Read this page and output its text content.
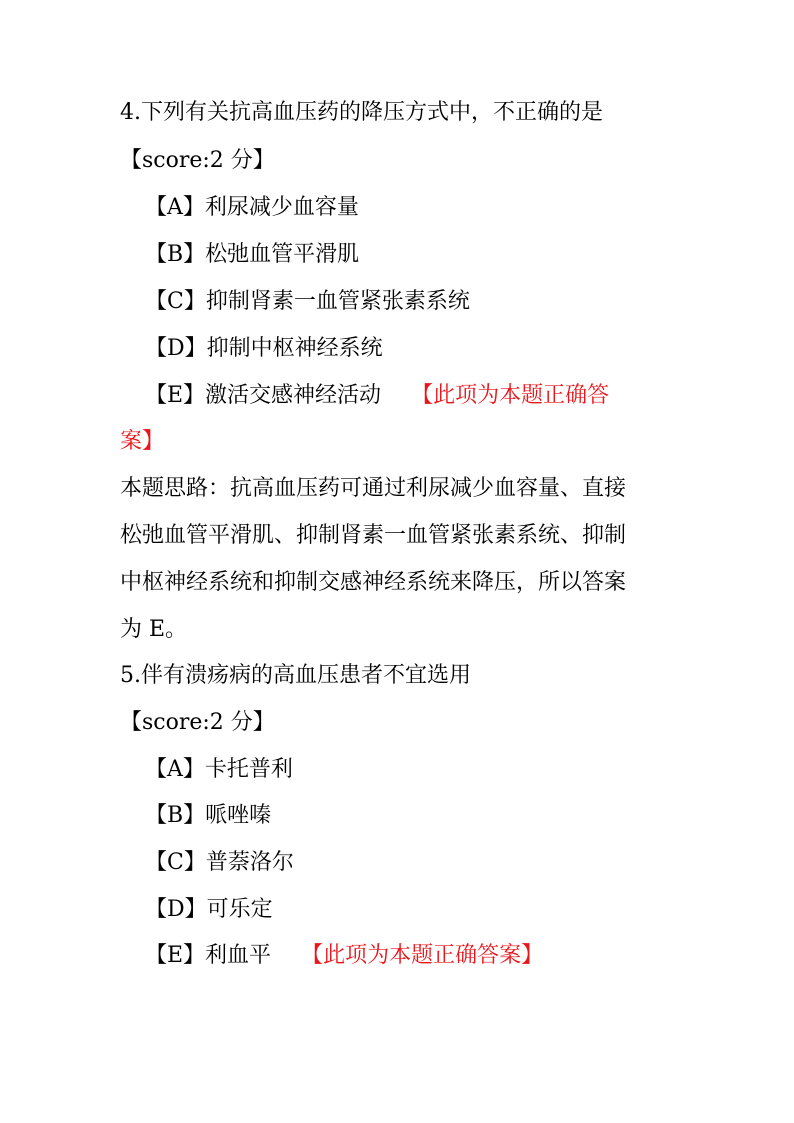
4.下列有关抗高血压药的降压方式中，不正确的是
【score:2 分】
【A】利尿减少血容量
【B】松弛血管平滑肌
【C】抑制肾素一血管紧张素系统
【D】抑制中枢神经系统
【E】激活交感神经活动 【此项为本题正确答
案】
本题思路：抗高血压药可通过利尿减少血容量、直接
松弛血管平滑肌、抑制肾素一血管紧张素系统、抑制
中枢神经系统和抑制交感神经系统来降压，所以答案
为 E。
5.伴有溃疡病的高血压患者不宜选用
【score:2 分】
【A】卡托普利
【B】哌唑嗪
【C】普萘洛尔
【D】可乐定
【E】利血平 【此项为本题正确答案】
